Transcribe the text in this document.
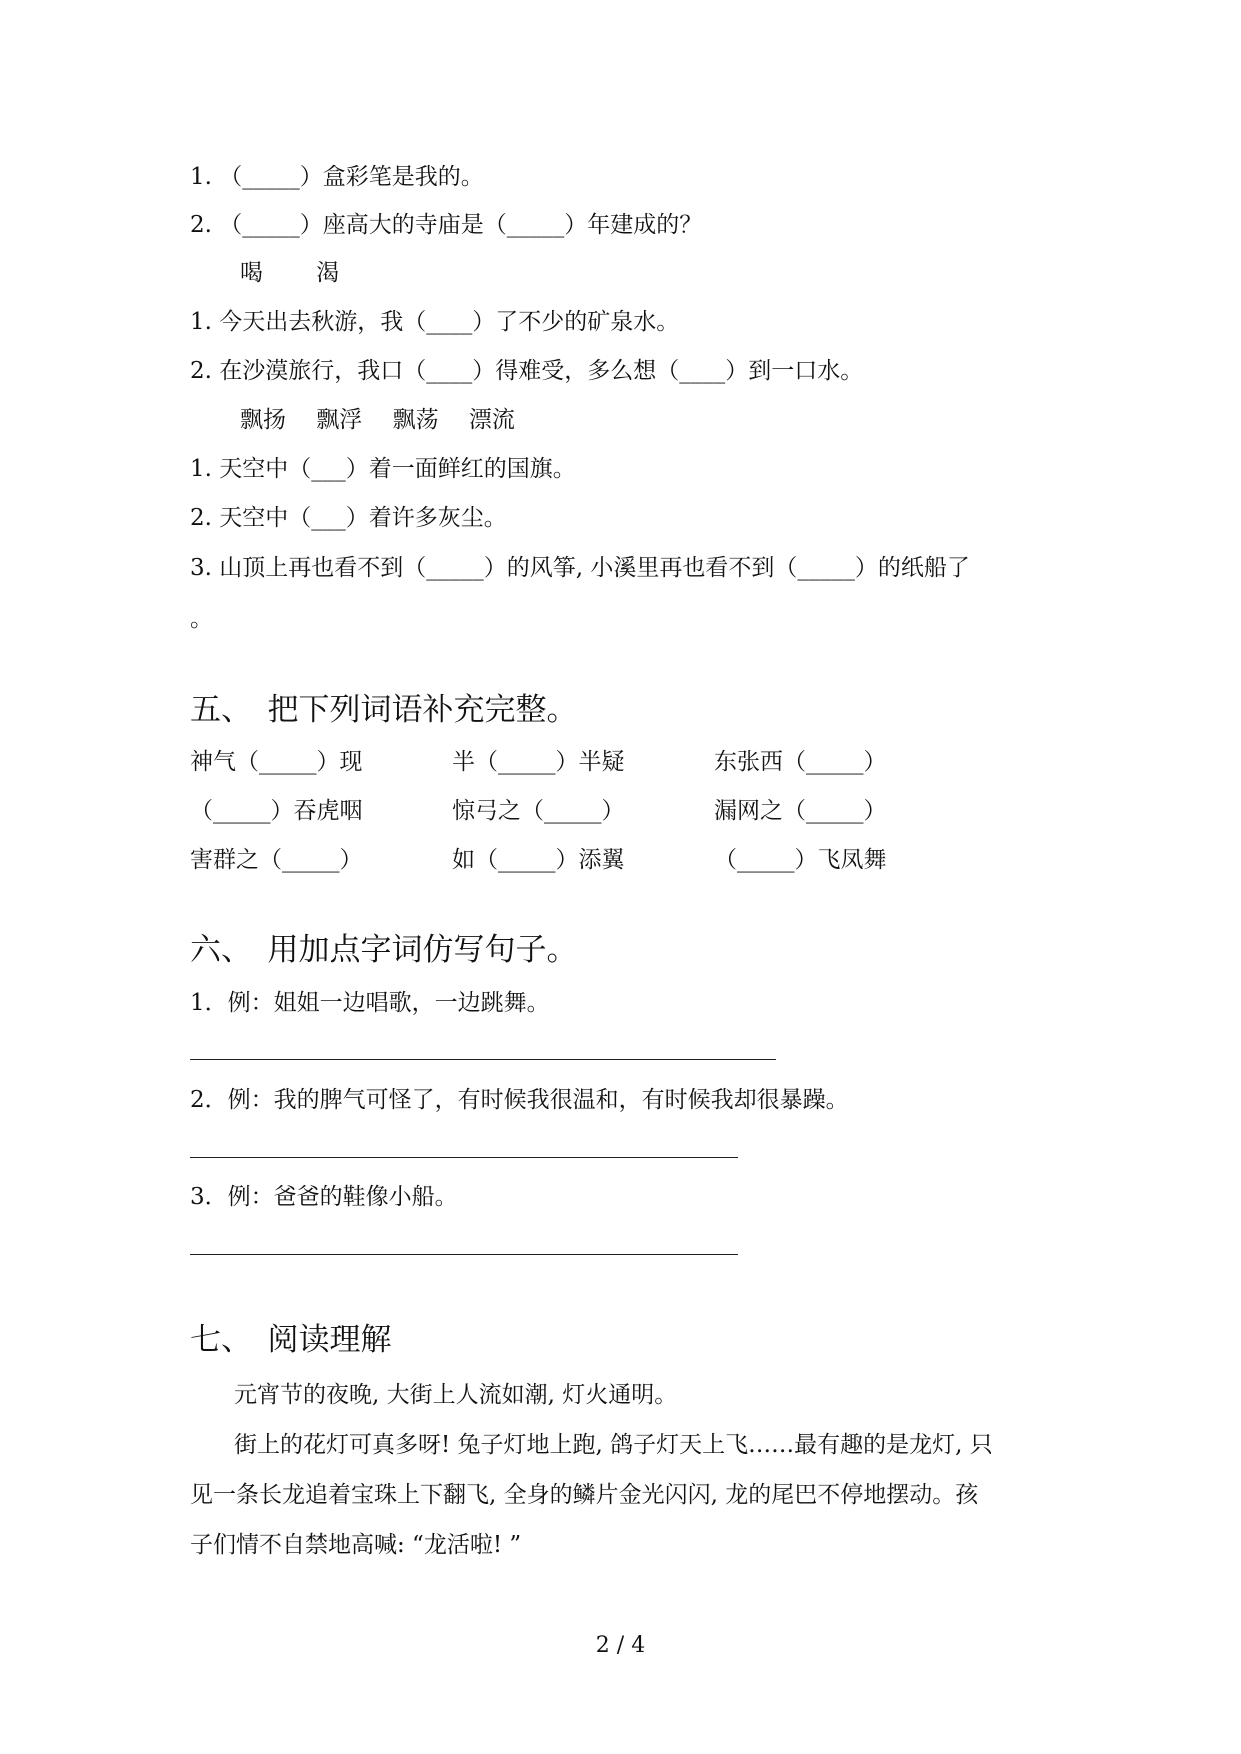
1. （_____）盒彩笔是我的。
2. （_____）座高大的寺庙是（_____）年建成的？
喝　　 渴
1. 今天出去秋游，我（____）了不少的矿泉水。
2. 在沙漠旅行，我口（____）得难受，多么想（____）到一口水。
飘扬　 飘浮　 飘荡　 漂流
1. 天空中（___）着一面鲜红的国旗。
2. 天空中（___）着许多灰尘。
3. 山顶上再也看不到（_____）的风筝, 小溪里再也看不到（_____）的纸船了
。
五、　把下列词语补充完整。
神气（_____）现	半（_____）半疑	东张西（_____）
（_____）吞虎咽	惊弓之（_____）	漏网之（_____）
害群之（_____）	如（_____）添翼	（_____）飞凤舞
六、　用加点字词仿写句子。
1．例：姐姐一边唱歌，一边跳舞。
2．例：我的脾气可怪了，有时候我很温和，有时候我却很暴躁。
3．例：爸爸的鞋像小船。
七、　阅读理解
元宵节的夜晚, 大街上人流如潮, 灯火通明。
街上的花灯可真多呀! 兔子灯地上跑, 鸽子灯天上飞……最有趣的是龙灯, 只
见一条长龙追着宝珠上下翻飞, 全身的鳞片金光闪闪, 龙的尾巴不停地摆动。孩
子们情不自禁地高喊: “龙活啦! ”
2 / 4
